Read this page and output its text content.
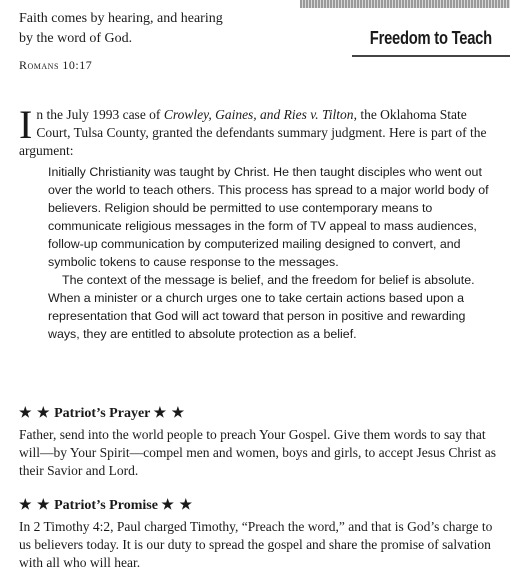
Faith comes by hearing, and hearing
by the word of God.
Romans 10:17
Freedom to Teach
In the July 1993 case of Crowley, Gaines, and Ries v. Tilton, the Oklahoma State Court, Tulsa County, granted the defendants summary judgment. Here is part of the argument:

Initially Christianity was taught by Christ. He then taught disciples who went out over the world to teach others. This process has spread to a major world body of believers. Religion should be permitted to use contemporary means to communicate religious messages in the form of TV appeal to mass audiences, follow-up communication by computerized mailing designed to convert, and symbolic tokens to cause response to the messages.

The context of the message is belief, and the freedom for belief is absolute. When a minister or a church urges one to take certain actions based upon a representation that God will act toward that person in positive and rewarding ways, they are entitled to absolute protection as a belief.

★ ★ Patriot’s Prayer ★ ★
Father, send into the world people to preach Your Gospel. Give them words to say that will—by Your Spirit—compel men and women, boys and girls, to accept Jesus Christ as their Savior and Lord.
★ ★ Patriot’s Promise ★ ★
In 2 Timothy 4:2, Paul charged Timothy, “Preach the word,” and that is God’s charge to us believers today. It is our duty to spread the gospel and share the promise of salvation with all who will hear.
